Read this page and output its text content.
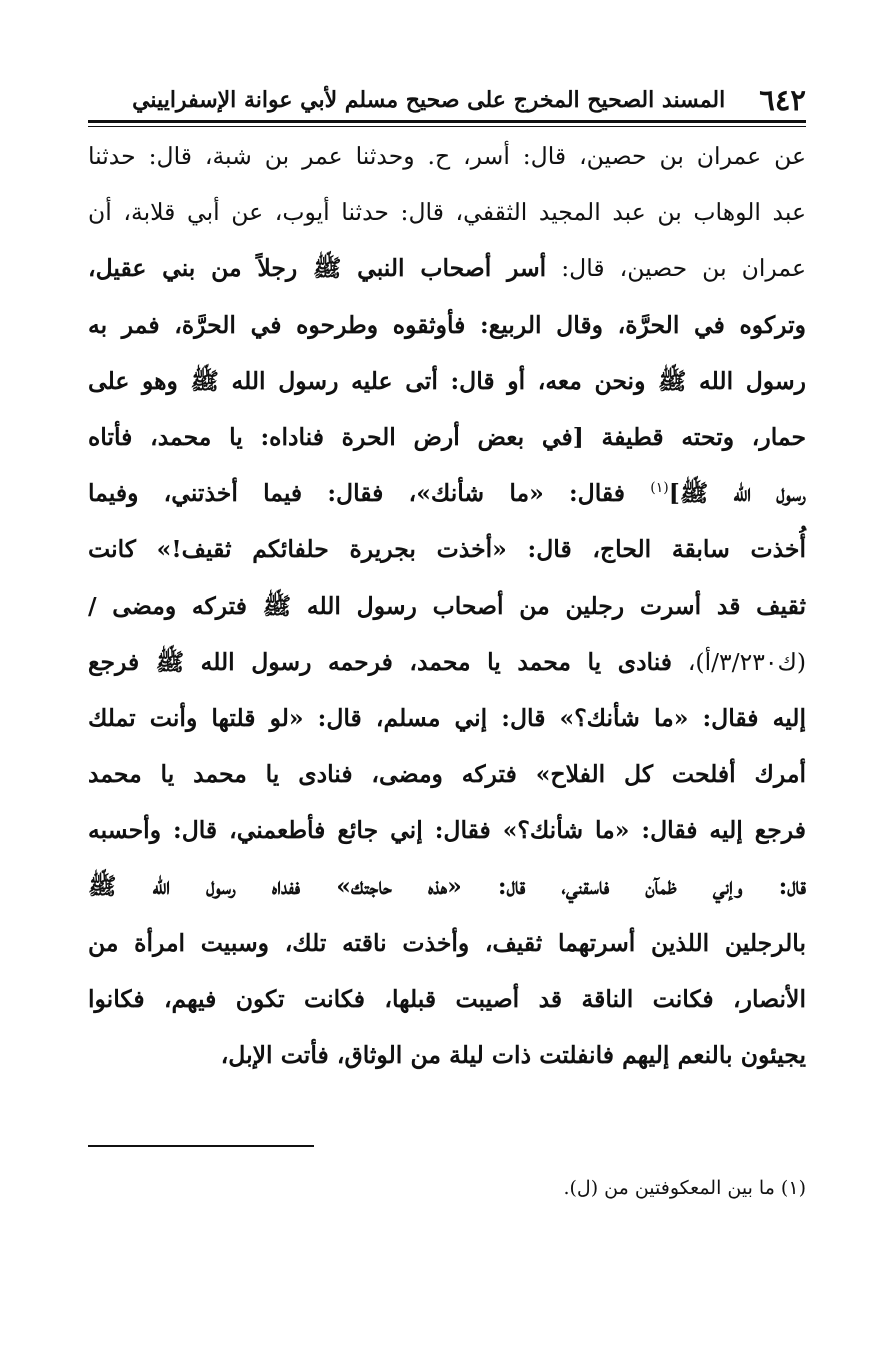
٦٤٢
المسند الصحيح المخرج على صحيح مسلم لأبي عوانة الإسفراييني
عن عمران بن حصين، قال: أسر، ح. وحدثنا عمر بن شبة، قال: حدثنا
عبد الوهاب بن عبد المجيد الثقفي، قال: حدثنا أيوب، عن أبي قلابة، أن
عمران بن حصين، قال: أسر أصحاب النبي ﷺ رجلاً من بني عقيل،
وتركوه في الحرَّة، وقال الربيع: فأوثقوه وطرحوه في الحرَّة، فمر به
رسول الله ﷺ ونحن معه، أو قال: أتى عليه رسول الله ﷺ وهو على
حمار، وتحته قطيفة [في بعض أرض الحرة فناداه: يا محمد، فأتاه
رسول الله ﷺ]$^{(١)}$ فقال: «ما شأنك»، فقال: فيما أخذتني، وفيما
أُخذت سابقة الحاج، قال: «أخذت بجريرة حلفائكم ثقيف!» كانت
ثقيف قد أسرت رجلين من أصحاب رسول الله ﷺ فتركه ومضى /
(ك٣/٢٣٠/أ)، فنادى يا محمد يا محمد، فرحمه رسول الله ﷺ فرجع
إليه فقال: «ما شأنك؟» قال: إني مسلم، قال: «لو قلتها وأنت تملك
أمرك أفلحت كل الفلاح» فتركه ومضى، فنادى يا محمد يا محمد
فرجع إليه فقال: «ما شأنك؟» فقال: إني جائع فأطعمني، قال: وأحسبه
قال: وإني ظمآن فاسقني، قال: «هذه حاجتك» ففداه رسول الله ﷺ
بالرجلين اللذين أسرتهما ثقيف، وأخذت ناقته تلك، وسبيت امرأة من
الأنصار، فكانت الناقة قد أصيبت قبلها، فكانت تكون فيهم، فكانوا
يجيئون بالنعم إليهم فانفلتت ذات ليلة من الوثاق، فأتت الإبل،
(١) ما بين المعكوفتين من (ل).
